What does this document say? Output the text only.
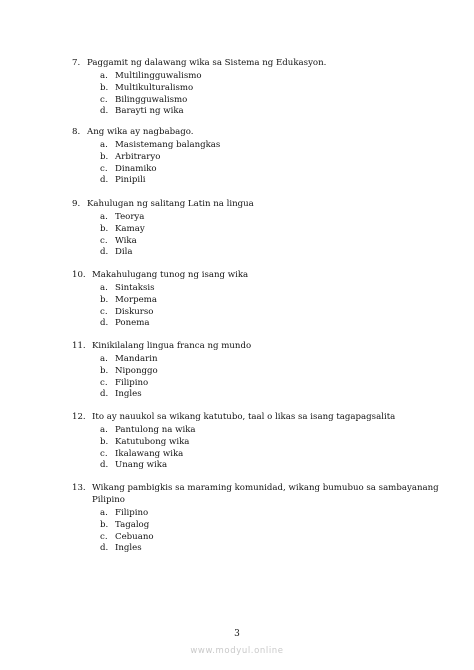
7. Paggamit ng dalawang wika sa Sistema ng Edukasyon.
a. Multilingguwalismo
b. Multikulturalismo
c. Bilingguwalismo
d. Barayti ng wika
8. Ang wika ay nagbabago.
a. Masistemang balangkas
b. Arbitraryo
c. Dinamiko
d. Pinipili
9. Kahulugan ng salitang Latin na lingua
a. Teorya
b. Kamay
c. Wika
d. Dila
10. Makahulugang tunog ng isang wika
a. Sintaksis
b. Morpema
c. Diskurso
d. Ponema
11. Kinikilalang lingua franca ng mundo
a. Mandarin
b. Niponggo
c. Filipino
d. Ingles
12. Ito ay nauukol sa wikang katutubo, taal o likas sa isang tagapagsalita
a. Pantulong na wika
b. Katutubong wika
c. Ikalawang wika
d. Unang wika
13. Wikang pambigkis sa maraming komunidad, wikang bumubuo sa sambayanang Pilipino
a. Filipino
b. Tagalog
c. Cebuano
d. Ingles
3
www.modyul.online
